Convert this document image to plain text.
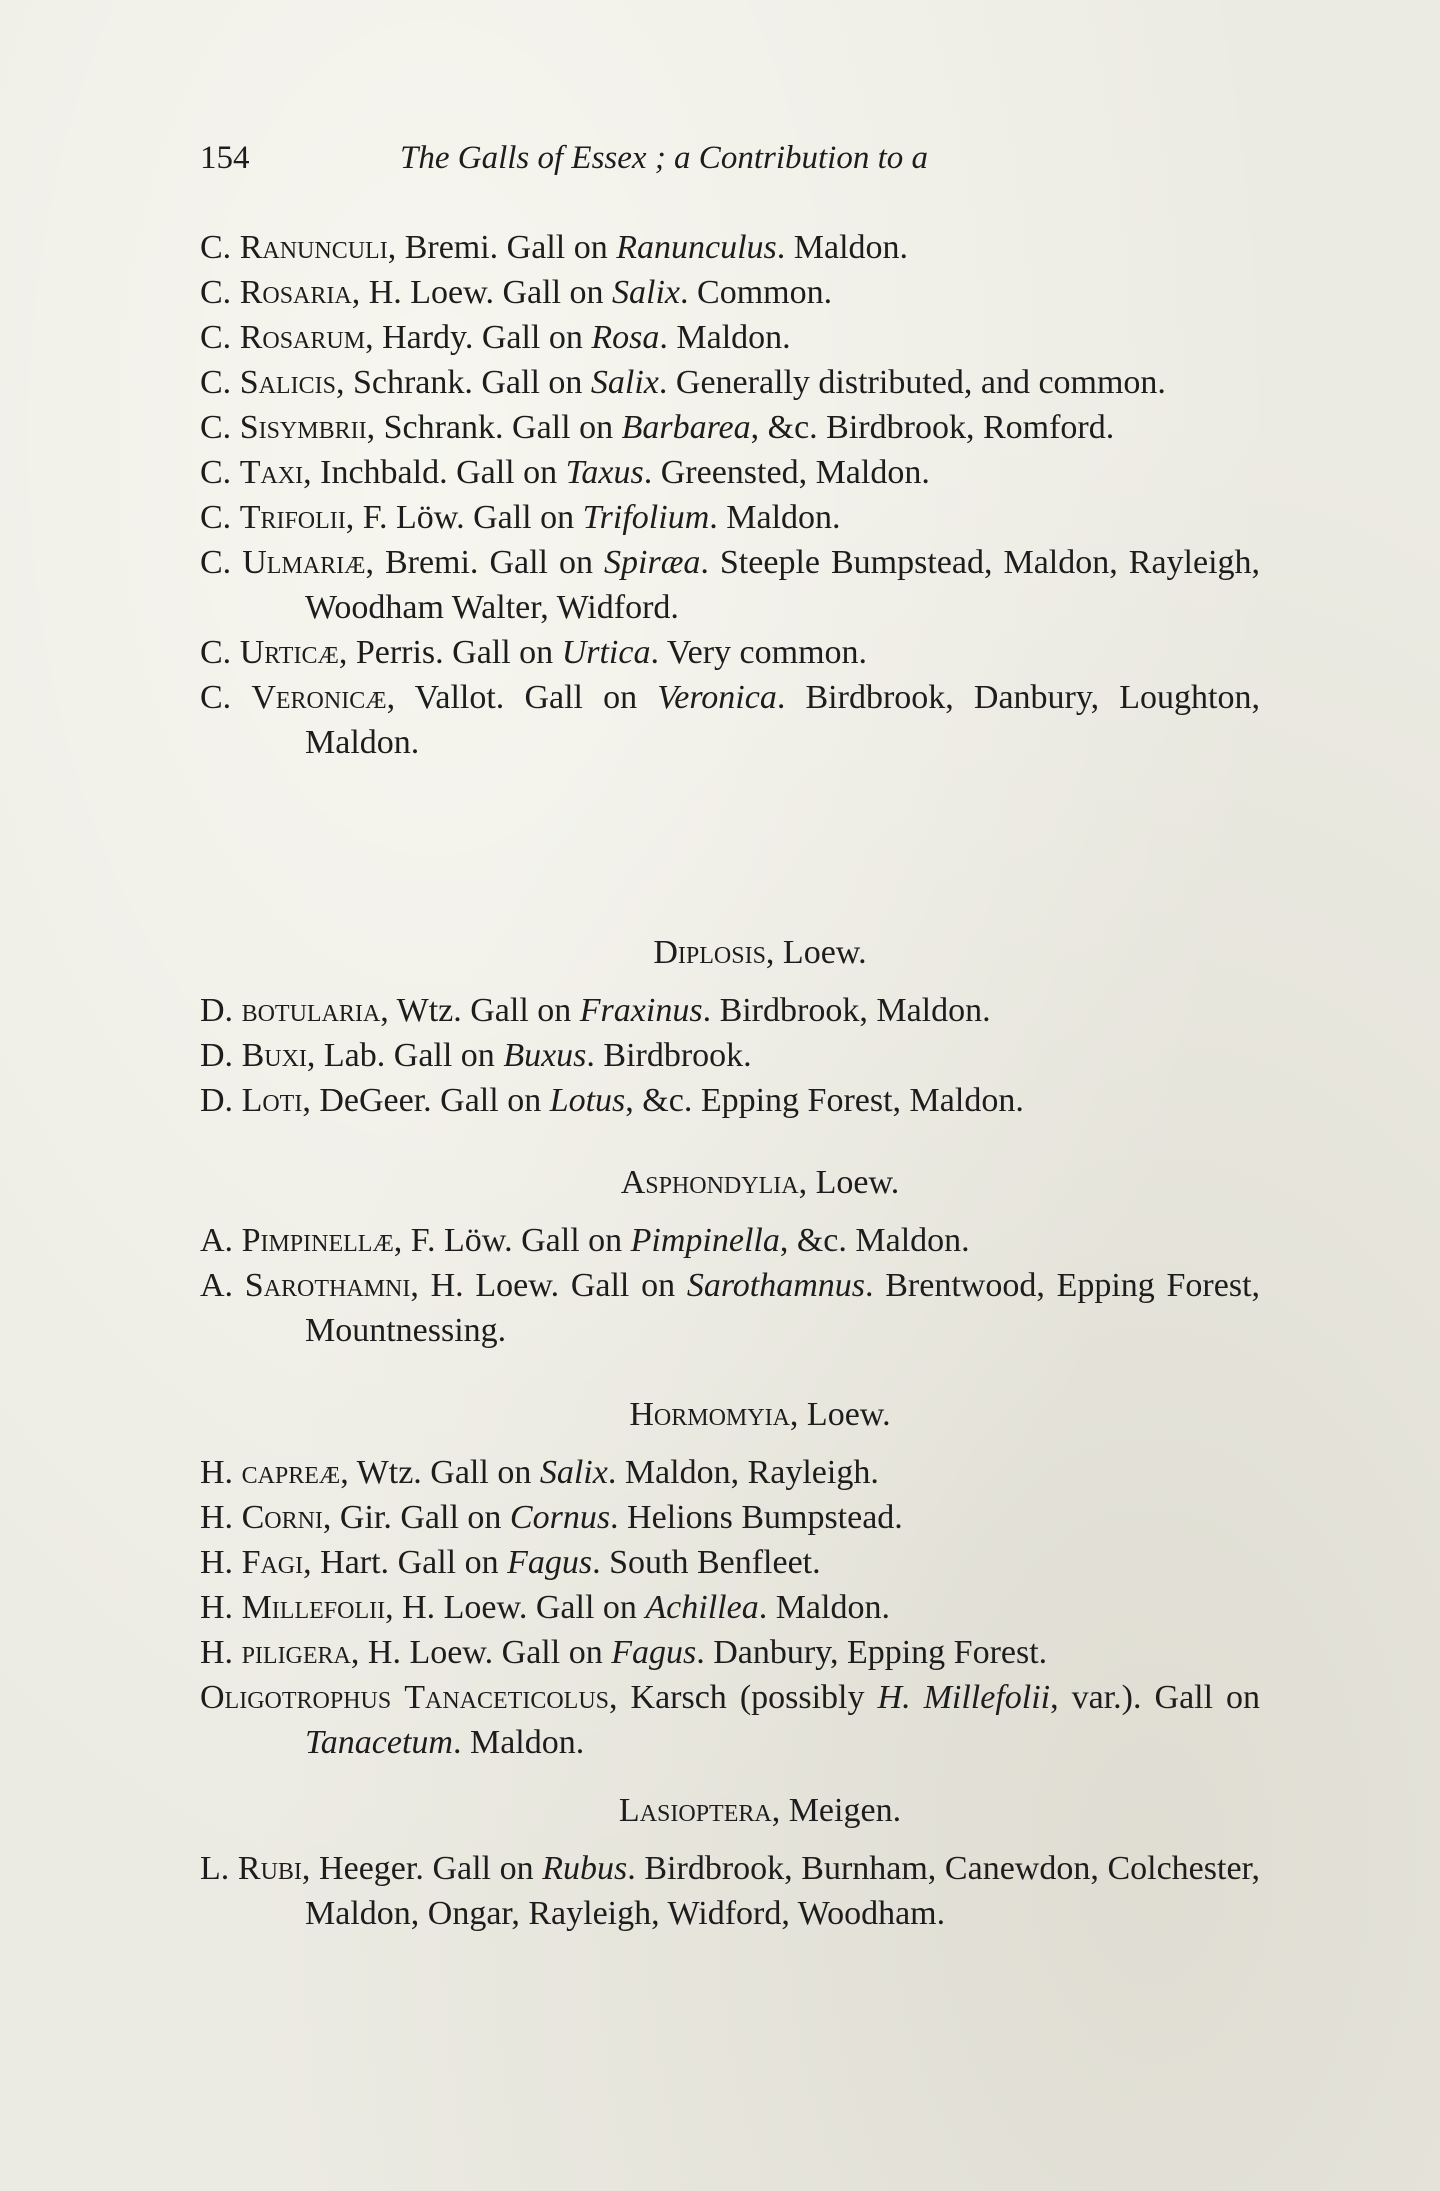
154	The Galls of Essex ; a Contribution to a

C. Ranunculi, Bremi. Gall on Ranunculus. Maldon.

C. Rosaria, H. Loew. Gall on Salix. Common.

C. Rosarum, Hardy. Gall on Rosa. Maldon.

C. Salicis, Schrank. Gall on Salix. Generally distributed, and common.

C. Sisymbrii, Schrank. Gall on Barbarea, &c. Birdbrook, Romford.

C. Taxi, Inchbald. Gall on Taxus. Greensted, Maldon.

C. Trifolii, F. Löw. Gall on Trifolium. Maldon.

C. Ulmariæ, Bremi. Gall on Spiræa. Steeple Bumpstead, Maldon, Rayleigh, Woodham Walter, Widford.

C. Urticæ, Perris. Gall on Urtica. Very common.

C. Veronicæ, Vallot. Gall on Veronica. Birdbrook, Danbury, Loughton, Maldon.

Diplosis, Loew.

D. botularia, Wtz. Gall on Fraxinus. Birdbrook, Maldon.

D. Buxi, Lab. Gall on Buxus. Birdbrook.

D. Loti, DeGeer. Gall on Lotus, &c. Epping Forest, Maldon.

Asphondylia, Loew.

A. Pimpinellæ, F. Löw. Gall on Pimpinella, &c. Maldon.

A. Sarothamni, H. Loew. Gall on Sarothamnus. Brentwood, Epping Forest, Mountnessing.

Hormomyia, Loew.

H. capreæ, Wtz. Gall on Salix. Maldon, Rayleigh.

H. Corni, Gir. Gall on Cornus. Helions Bumpstead.

H. Fagi, Hart. Gall on Fagus. South Benfleet.

H. Millefolii, H. Loew. Gall on Achillea. Maldon.

H. piligera, H. Loew. Gall on Fagus. Danbury, Epping Forest.

Oligotrophus Tanaceticolus, Karsch (possibly H. Millefolii, var.). Gall on Tanacetum. Maldon.

Lasioptera, Meigen.

L. Rubi, Heeger. Gall on Rubus. Birdbrook, Burnham, Canewdon, Colchester, Maldon, Ongar, Rayleigh, Widford, Woodham.
